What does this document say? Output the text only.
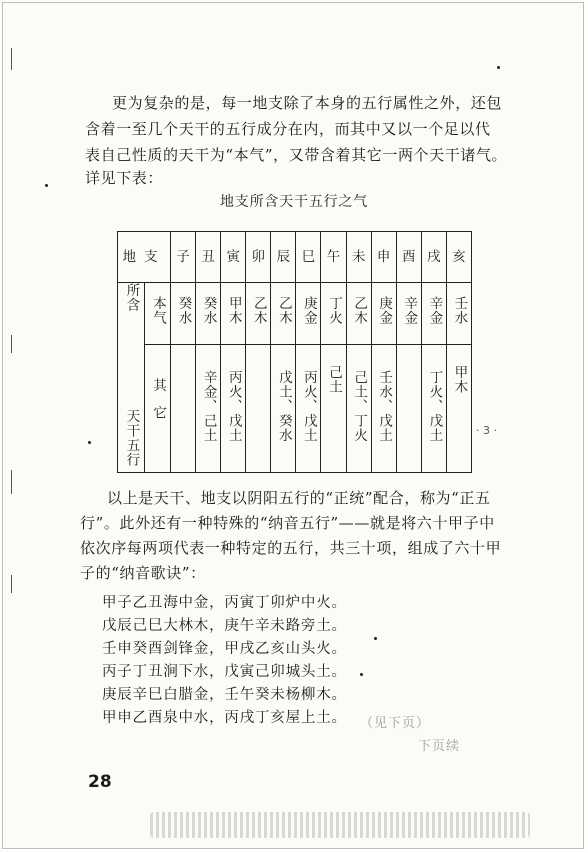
更为复杂的是，每一地支除了本身的五行属性之外，还包
含着一至几个天干的五行成分在内，而其中又以一个足以代
表自己性质的天干为“本气”，又带含着其它一两个天干诸气。
详见下表：
地支所含天干五行之气
地支		子	丑	寅	卯	辰	巳	午	未	申	酉	戌	亥
所含
天干五行	本气	癸水	癸水	甲木	乙木	乙木	庚金	丁火	乙木	庚金	辛金	辛金	壬水
	其它		辛金、己土	丙火、戊土		戊土、癸水	丙火、戊土	己土	己土、丁火	壬水、戊土		丁火、戊土	甲木
· 3 ·
以上是天干、地支以阴阳五行的“正统”配合，称为“正五
行”。此外还有一种特殊的“纳音五行”——就是将六十甲子中
依次序每两项代表一种特定的五行，共三十项，组成了六十甲
子的“纳音歌诀”：
甲子乙丑海中金，丙寅丁卯炉中火。
戊辰己巳大林木，庚午辛未路旁土。
壬申癸酉剑锋金，甲戌乙亥山头火。
丙子丁丑涧下水，戊寅己卯城头土。
庚辰辛巳白腊金，壬午癸未杨柳木。
甲申乙酉泉中水，丙戌丁亥屋上土。 （见下页）
下页续
28
